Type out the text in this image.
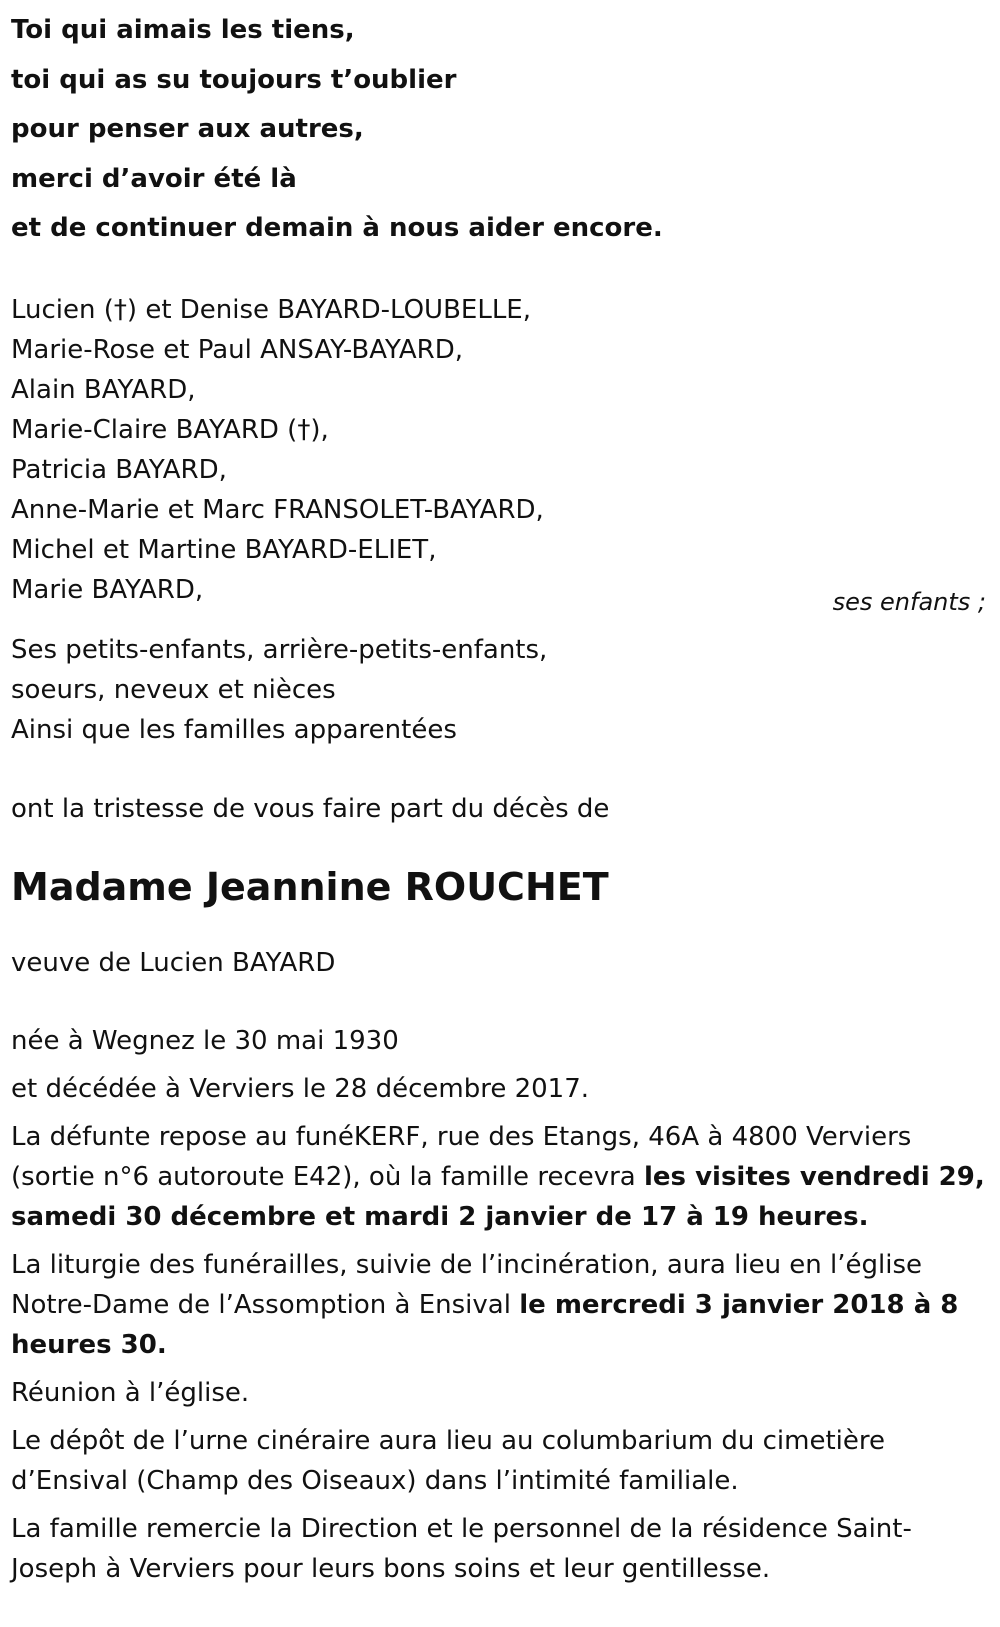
Toi qui aimais les tiens,

toi qui as su toujours t’oublier

pour penser aux autres,

merci d’avoir été là

et de continuer demain à nous aider encore.

Lucien (†) et Denise BAYARD-LOUBELLE,
Marie-Rose et Paul ANSAY-BAYARD,
Alain BAYARD,
Marie-Claire BAYARD (†),
Patricia BAYARD,
Anne-Marie et Marc FRANSOLET-BAYARD,
Michel et Martine BAYARD-ELIET,
Marie BAYARD,	ses enfants ;
Ses petits-enfants, arrière-petits-enfants,
soeurs, neveux et nièces
Ainsi que les familles apparentées
ont la tristesse de vous faire part du décès de
Madame Jeannine ROUCHET
veuve de Lucien BAYARD
née à Wegnez le 30 mai 1930
et décédée à Verviers le 28 décembre 2017.
La défunte repose au funéKERF, rue des Etangs, 46A à 4800 Verviers (sortie n°6 autoroute E42), où la famille recevra les visites vendredi 29, samedi 30 décembre et mardi 2 janvier de 17 à 19 heures.
La liturgie des funérailles, suivie de l’incinération, aura lieu en l’église Notre-Dame de l’Assomption à Ensival le mercredi 3 janvier 2018 à 8 heures 30.
Réunion à l’église.
Le dépôt de l’urne cinéraire aura lieu au columbarium du cimetière d’Ensival (Champ des Oiseaux) dans l’intimité familiale.
La famille remercie la Direction et le personnel de la résidence Saint-Joseph à Verviers pour leurs bons soins et leur gentillesse.
